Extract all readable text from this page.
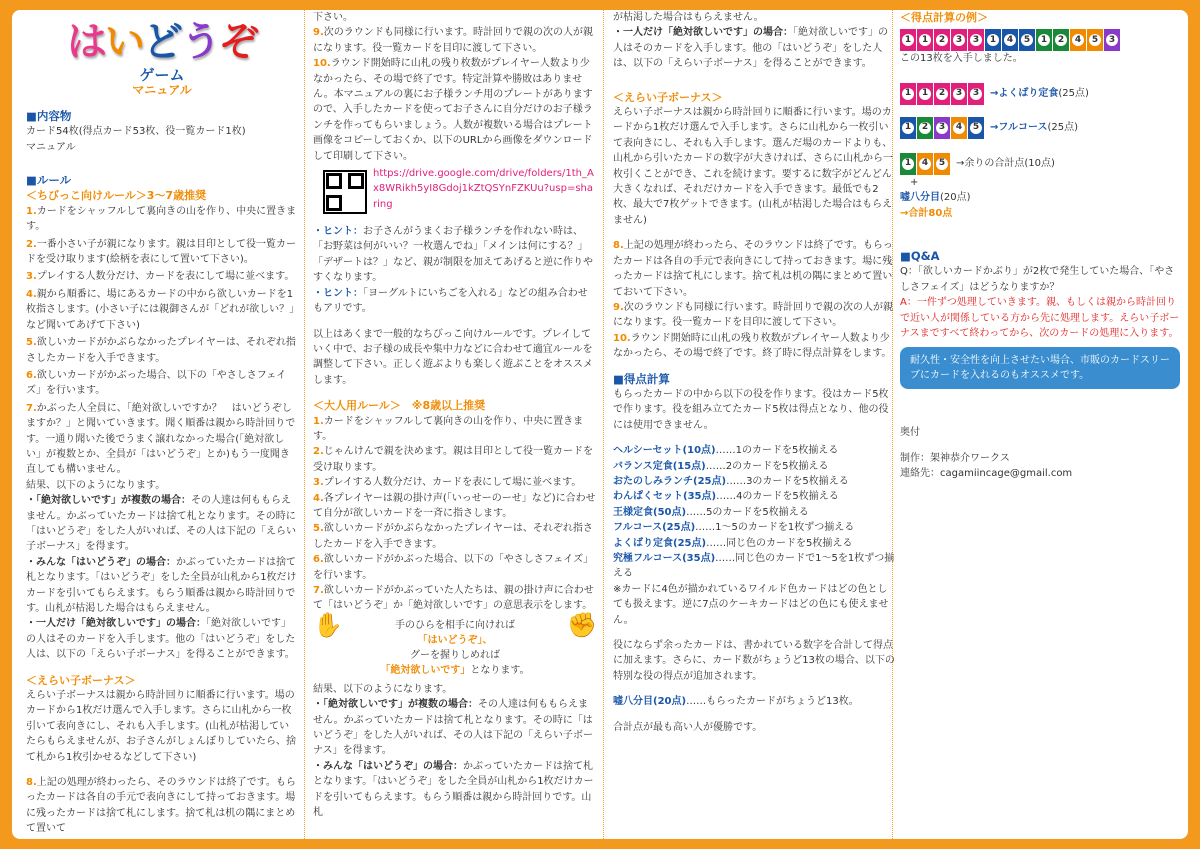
はいどうぞ
ゲーム
マニュアル

■内容物

カード54枚(得点カード53枚、役一覧カード1枚)

マニュアル

■ルール

＜ちびっこ向けルール＞3～7歳推奨

1.カードをシャッフルして裏向きの山を作り、中央に置きます。

2.一番小さい子が親になります。親は目印として役一覧カードを受け取ります(絵柄を表にして置いて下さい)。

3.プレイする人数分だけ、カードを表にして場に並べます。

4.親から順番に、場にあるカードの中から欲しいカードを1枚指さします。(小さい子には親御さんが「どれが欲しい？」など聞いてあげて下さい)

5.欲しいカードがかぶらなかったプレイヤーは、それぞれ指さしたカードを入手できます。

6.欲しいカードがかぶった場合、以下の「やさしさフェイズ」を行います。

7.かぶった人全員に、「絶対欲しいですか？　はいどうぞしますか？」と聞いていきます。聞く順番は親から時計回りです。一通り聞いた後でうまく譲れなかった場合(「絶対欲しい」が複数とか、全員が「はいどうぞ」とか)もう一度聞き直しても構いません。

結果、以下のようになります。

・「絶対欲しいです」が複数の場合：その人達は何ももらえません。かぶっていたカードは捨て札となります。その時に「はいどうぞ」をした人がいれば、その人は下記の「えらい子ボーナス」を得ます。

・みんな「はいどうぞ」の場合：かぶっていたカードは捨て札となります。「はいどうぞ」をした全員が山札から1枚だけカードを引いてもらえます。もらう順番は親から時計回りです。山札が枯渇した場合はもらえません。

・一人だけ「絶対欲しいです」の場合：「絶対欲しいです」の人はそのカードを入手します。他の「はいどうぞ」をした人は、以下の「えらい子ボーナス」を得ることができます。

＜えらい子ボーナス＞

えらい子ボーナスは親から時計回りに順番に行います。場のカードから1枚だけ選んで入手します。さらに山札から一枚引いて表向きにし、それも入手します。(山札が枯渇していたらもらえませんが、お子さんがしょんぼりしていたら、捨て札から1枚引かせるなどして下さい)

8.上記の処理が終わったら、そのラウンドは終了です。もらったカードは各自の手元で表向きにして持っておきます。場に残ったカードは捨て札にします。捨て札は机の隅にまとめて置いて

下さい。

9.次のラウンドも同様に行います。時計回りで親の次の人が親になります。役一覧カードを目印に渡して下さい。

10.ラウンド開始時に山札の残り枚数がプレイヤー人数より少なかったら、その場で終了です。特定計算や勝敗はありません。本マニュアルの裏にお子様ランチ用のプレートがありますので、入手したカードを使ってお子さんに自分だけのお子様ランチを作ってもらいましょう。人数が複数いる場合はプレート画像をコピーしておくか、以下のURLから画像をダウンロードして印刷して下さい。

https://drive.google.com/drive/folders/1th_Ax8WRikh5yI8Gdoj1kZtQSYnFZKUu?usp=sharing

・ヒント：お子さんがうまくお子様ランチを作れない時は、「お野菜は何がいい？一枚選んでね」「メインは何にする？」「デザートは？」など、親が制限を加えてあげると逆に作りやすくなります。

・ヒント：「ヨーグルトにいちごを入れる」などの組み合わせもアリです。

以上はあくまで一般的なちびっこ向けルールです。プレイしていく中で、お子様の成長や集中力などに合わせて適宜ルールを調整して下さい。正しく遊ぶよりも楽しく遊ぶことをオススメします。

＜大人用ルール＞　※8歳以上推奨

1.カードをシャッフルして裏向きの山を作り、中央に置きます。

2.じゃんけんで親を決めます。親は目印として役一覧カードを受け取ります。

3.プレイする人数分だけ、カードを表にして場に並べます。

4.各プレイヤーは親の掛け声(「いっせーのーせ」など)に合わせて自分が欲しいカードを一斉に指さします。

5.欲しいカードがかぶらなかったプレイヤーは、それぞれ指さしたカードを入手できます。

6.欲しいカードがかぶった場合、以下の「やさしさフェイズ」を行います。

7.欲しいカードがかぶっていた人たちは、親の掛け声に合わせて「はいどうぞ」か「絶対欲しいです」の意思表示をします。

✋	✊
手のひらを相手に向ければ
「はいどうぞ」、
グーを握りしめれば
「絶対欲しいです」となります。

結果、以下のようになります。

・「絶対欲しいです」が複数の場合：その人達は何ももらえません。かぶっていたカードは捨て札となります。その時に「はいどうぞ」をした人がいれば、その人は下記の「えらい子ボーナス」を得ます。

・みんな「はいどうぞ」の場合：かぶっていたカードは捨て札となります。「はいどうぞ」をした全員が山札から1枚だけカードを引いてもらえます。もらう順番は親から時計回りです。山札

が枯渇した場合はもらえません。

・一人だけ「絶対欲しいです」の場合：「絶対欲しいです」の人はそのカードを入手します。他の「はいどうぞ」をした人は、以下の「えらい子ボーナス」を得ることができます。

＜えらい子ボーナス＞

えらい子ボーナスは親から時計回りに順番に行います。場のカードから1枚だけ選んで入手します。さらに山札から一枚引いて表向きにし、それも入手します。選んだ場のカードよりも、山札から引いたカードの数字が大きければ、さらに山札から一枚引くことができ、これを続けます。要するに数字がどんどん大きくなれば、それだけカードを入手できます。最低でも2枚、最大で7枚ゲットできます。(山札が枯渇した場合はもらえません)

8.上記の処理が終わったら、そのラウンドは終了です。もらったカードは各自の手元で表向きにして持っておきます。場に残ったカードは捨て札にします。捨て札は机の隅にまとめて置いておいて下さい。

9.次のラウンドも同様に行います。時計回りで親の次の人が親になります。役一覧カードを目印に渡して下さい。

10.ラウンド開始時に山札の残り枚数がプレイヤー人数より少なかったら、その場で終了です。終了時に得点計算をします。

■得点計算

もらったカードの中から以下の役を作ります。役はカード5枚で作ります。役を組み立てたカード5枚は得点となり、他の役には使用できません。

ヘルシーセット(10点)……1のカードを5枚揃える

バランス定食(15点)……2のカードを5枚揃える

おたのしみランチ(25点)……3のカードを5枚揃える

わんぱくセット(35点)……4のカードを5枚揃える

王様定食(50点)……5のカードを5枚揃える

フルコース(25点)……1～5のカードを1枚ずつ揃える

よくばり定食(25点)……同じ色のカードを5枚揃える

究極フルコース(35点)……同じ色のカードで1～5を1枚ずつ揃える

※カードに4色が描かれているワイルド色カードはどの色としても扱えます。逆に7点のケーキカードはどの色にも使えません。

役にならず余ったカードは、書かれている数字を合計して得点に加えます。さらに、カード数がちょうど13枚の場合、以下の特別な役の得点が追加されます。

嘘八分目(20点)……もらったカードがちょうど13枚。

合計点が最も高い人が優勝です。

＜得点計算の例＞

1	1	2	3	3	1	4	5	1	2	4	5	3

この13枚を入手しました。

1	1	2	3	3 →よくばり定食(25点)
1	2	3	4	5 →フルコース(25点)
1	4	5 →余りの合計点(10点)

+

嘘八分目(20点)

→合計80点

■Q&A

Q：「欲しいカードかぶり」が2枚で発生していた場合、「やさしさフェイズ」はどうなりますか？

A：一件ずつ処理していきます。親、もしくは親から時計回りで近い人が関係している方から先に処理します。えらい子ボーナスまですべて終わってから、次のカードの処理に入ります。

耐久性・安全性を向上させたい場合、市販のカードスリーブにカードを入れるのもオススメです。

奥付

制作：架神恭介ワークス

連絡先：cagamiincage@gmail.com
